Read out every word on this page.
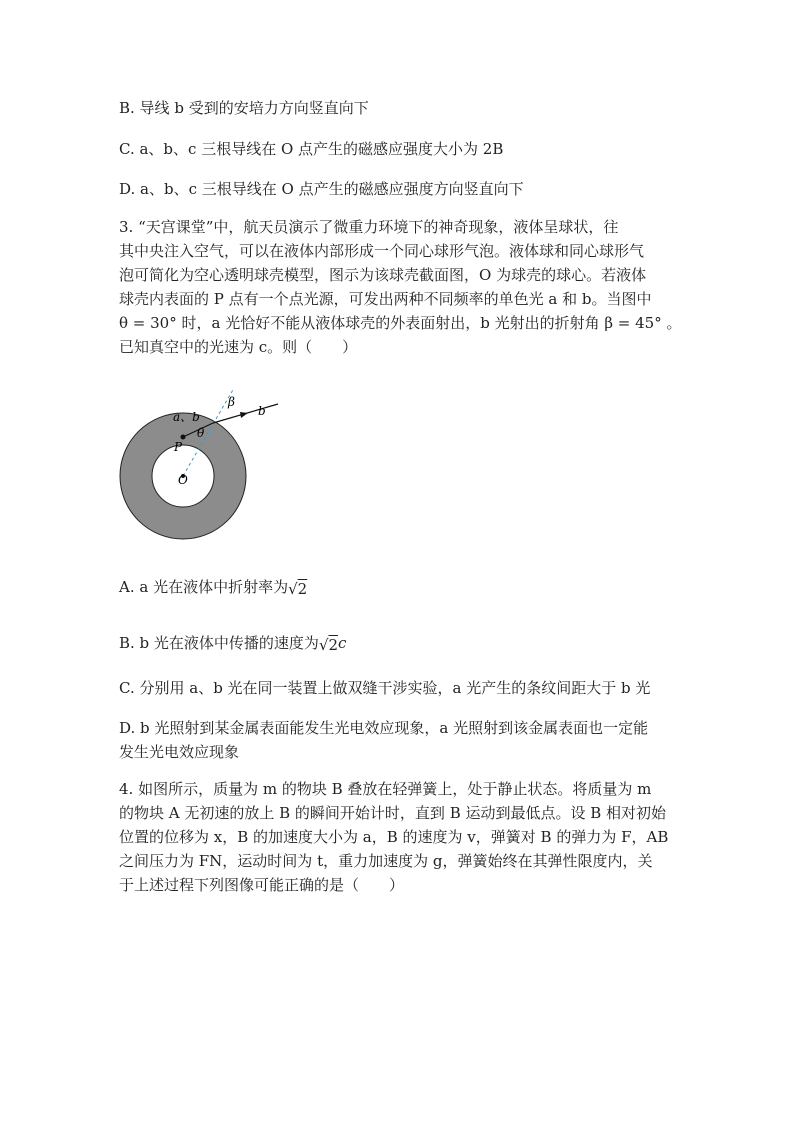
B. 导线 b 受到的安培力方向竖直向下
C. a、b、c 三根导线在 O 点产生的磁感应强度大小为 2B
D. a、b、c 三根导线在 O 点产生的磁感应强度方向竖直向下
3. “天宫课堂”中，航天员演示了微重力环境下的神奇现象，液体呈球状，往
其中央注入空气，可以在液体内部形成一个同心球形气泡。液体球和同心球形气
泡可简化为空心透明球壳模型，图示为该球壳截面图，O 为球壳的球心。若液体
球壳内表面的 P 点有一个点光源，可发出两种不同频率的单色光 a 和 b。当图中
θ = 30° 时，a 光恰好不能从液体球壳的外表面射出，b 光射出的折射角 β = 45° 。
已知真空中的光速为 c。则（　　）
a、b
β
b
θ
P
O
A. a 光在液体中折射率为√2
B. b 光在液体中传播的速度为√2c
C. 分别用 a、b 光在同一装置上做双缝干涉实验，a 光产生的条纹间距大于 b 光
D. b 光照射到某金属表面能发生光电效应现象，a 光照射到该金属表面也一定能
发生光电效应现象
4. 如图所示，质量为 m 的物块 B 叠放在轻弹簧上，处于静止状态。将质量为 m
的物块 A 无初速的放上 B 的瞬间开始计时，直到 B 运动到最低点。设 B 相对初始
位置的位移为 x，B 的加速度大小为 a，B 的速度为 v，弹簧对 B 的弹力为 F，AB
之间压力为 FN，运动时间为 t，重力加速度为 g，弹簧始终在其弹性限度内，关
于上述过程下列图像可能正确的是（　　）
